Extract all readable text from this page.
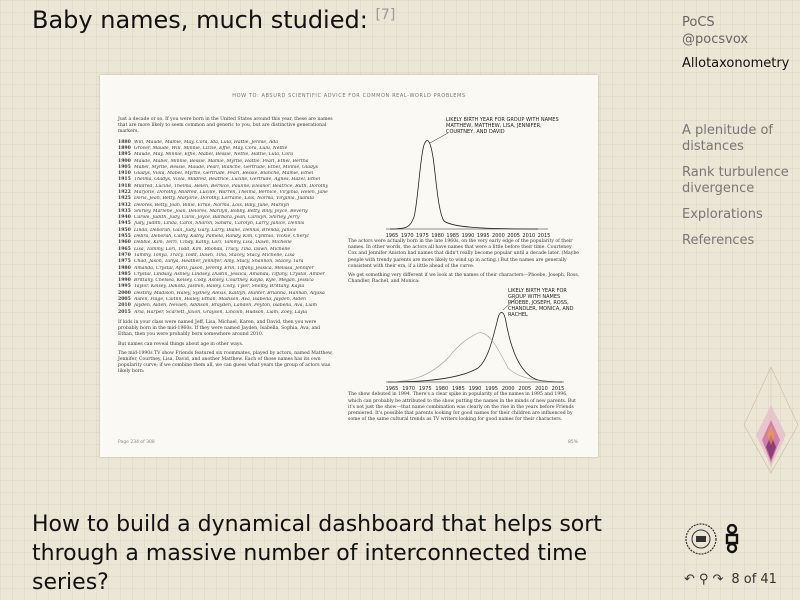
Baby names, much studied: [7]	PoCS
@pocsvox
Allotaxonometry
A plenitude of distances
Rank turbulence divergence
Explorations
References
HOW TO: ABSURD SCIENTIFIC ADVICE FOR COMMON REAL-WORLD PROBLEMS

Just a decade or so. If you were born in the United States around this year, these are names that are more likely to seem common and generic to you, but are distinctive generational markers.

1880 Will, Maude, Mamie, May, Cora, Ida, Lula, Hattie, Jennie, Ada
1890 Grover, Maude, Will, Minnie, Lizzie, Effie, May, Cora, Lulu, Nettie
1895 Maude, May, Minnie, Effie, Mabel, Bessie, Nettie, Hattie, Lula, Cora
1900 Maude, Mabel, Minnie, Bessie, Mamie, Myrtle, Hattie, Pearl, Ethel, Bertha
1905 Mabel, Myrtle, Bessie, Maude, Pearl, Blanche, Gertrude, Ethel, Minnie, Gladys
1910 Gladys, Viola, Mabel, Myrtle, Gertrude, Pearl, Bessie, Blanche, Mamie, Ethel
1915 Thelma, Gladys, Viola, Mildred, Beatrice, Lucille, Gertrude, Agnes, Hazel, Ethel
1918 Mildred, Lucille, Thelma, Helen, Bernice, Pauline, Eleanor, Beatrice, Ruth, Dorothy
1922 Marjorie, Dorothy, Mildred, Lucille, Warren, Thelma, Bernice, Virginia, Helen, Jane
1925 Doris, Jean, Betty, Marjorie, Dorothy, Lorraine, Lois, Norma, Virginia, Juanita
1932 Delores, Betty, Joan, Billie, Ernie, Norma, Lois, Billy, June, Marilyn
1935 Shirley, Marlene, Joan, Delores, Marilyn, Bobby, Betty, Billy, Joyce, Beverly
1940 Carole, Judith, Judy, Carol, Joyce, Barbara, Jean, Carolyn, Shirley, Jerry
1945 Judy, Judith, Linda, Carol, Sharon, Sandra, Carolyn, Larry, Janice, Dennis
1950 Linda, Deborah, Gail, Judy, Gary, Larry, Diane, Dennis, Brenda, Janice
1955 Debra, Deborah, Cathy, Kathy, Pamela, Randy, Kim, Cynthia, Vickie, Cheryl
1960 Debbie, Kim, Terri, Cindy, Kathy, Lori, Tammy, Lisa, Dawn, Michelle
1965 Lisa, Tammy, Lori, Todd, Kim, Rhonda, Tracy, Tina, Dawn, Michelle
1970 Tammy, Tonya, Tracy, Todd, Dawn, Tina, Stacey, Stacy, Michelle, Lisa
1975 Chad, Jason, Tanya, Heather, Jennifer, Amy, Stacy, Shannon, Stacey, Tara
1980 Amanda, Crystal, April, Jason, Jeremy, Erin, Tiffany, Jessica, Melissa, Jennifer
1985 Crystal, Lindsay, Ashley, Lindsey, Dustin, Jessica, Amanda, Tiffany, Crystal, Amber
1990 Brittany, Chelsea, Kelsey, Cody, Ashley, Courtney, Kayla, Kyle, Megan, Jessica
1995 Taylor, Kelsey, Dakota, Jasmin, Bailey, Cody, Tyler, Shelby, Brittany, Kayla
2000 Destiny, Madison, Haley, Sydney, Alexis, Kaitlyn, Hunter, Brianna, Hannah, Alyssa
2005 Aiden, Paige, Caitlin, Hailey, Ethan, Madison, Ava, Isabella, Jayden, Aiden
2010 Jayden, Aiden, Nevaeh, Addison, Brayden, Landon, Peyton, Isabella, Ava, Liam
2015 Aria, Harper, Scarlett, Jaxon, Grayson, Lincoln, Hudson, Liam, Zoey, Layla

If kids in your class were named Jeff, Lisa, Michael, Karen, and David, then you were probably born in the mid-1960s. If they were named Jayden, Isabella, Sophia, Ava, and Ethan, then you were probably born somewhere around 2010.

But names can reveal things about age in other ways.

The mid-1990s TV show Friends featured six roommates, played by actors, named Matthew, Jennifer, Courtney, Lisa, David, and another Matthew. Each of those names has its own popularity curve; if we combine them all, we can guess what years the group of actors was likely born:

LIKELY BIRTH YEAR FOR GROUP WITH NAMES MATTHEW, MATTHEW, LISA, JENNIFER, COURTNEY, AND DAVID
1965 1970 1975 1980 1985 1990 1995 2000 2005 2010 2015

The actors were actually born in the late 1960s, on the very early edge of the popularity of their names. In other words, the actors all have names that were a little before their time. Courteney Cox and Jennifer Aniston had names that didn't really become popular until a decade later. (Maybe people with trendy parents are more likely to wind up in acting.) But the names are generally consistent with their era, if a little ahead of the curve.

We get something very different if we look at the names of their characters—Phoebe, Joseph, Ross, Chandler, Rachel, and Monica:

LIKELY BIRTH YEAR FOR GROUP WITH NAMES PHOEBE, JOSEPH, ROSS, CHANDLER, MONICA, AND RACHEL
1965 1970 1975 1980 1985 1990 1995 2000 2005 2010 2015

The show debuted in 1994. There's a clear spike in popularity of the names in 1995 and 1996, which can probably be attributed to the show putting the names in the minds of new parents. But it's not just the show—that name combination was clearly on the rise in the years before Friends premiered. It's possible that parents looking for good names for their children are influenced by some of the same cultural trends as TV writers looking for good names for their characters.

Page 234 of 308	85%
How to build a dynamical dashboard that helps sort through a massive number of interconnected time series?	↶ ⚲ ↷ 8 of 41
